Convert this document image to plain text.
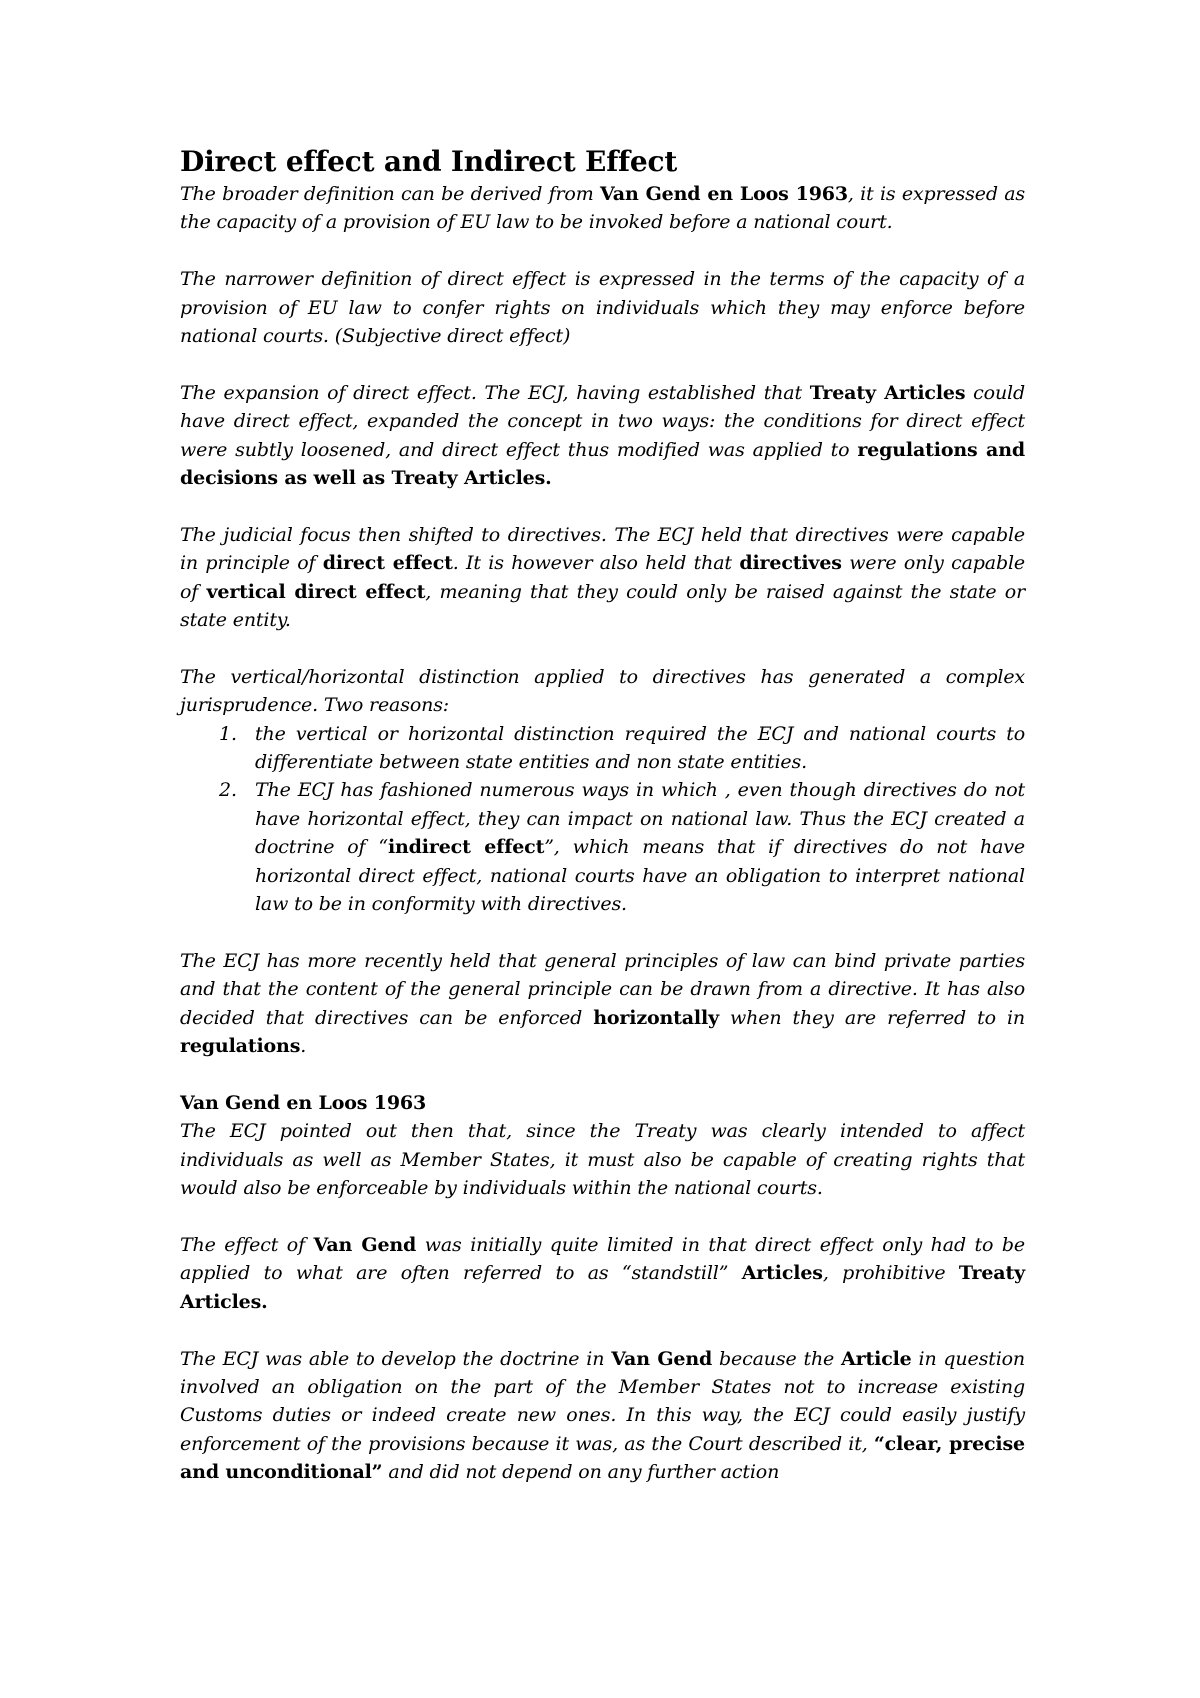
Direct effect and Indirect Effect

The broader definition can be derived from Van Gend en Loos 1963, it is expressed as the capacity of a provision of EU law to be invoked before a national court.

The narrower definition of direct effect is expressed in the terms of the capacity of a provision of EU law to confer rights on individuals which they may enforce before national courts. (Subjective direct effect)

The expansion of direct effect. The ECJ, having established that Treaty Articles could have direct effect, expanded the concept in two ways: the conditions for direct effect were subtly loosened, and direct effect thus modified was applied to regulations and decisions as well as Treaty Articles.

The judicial focus then shifted to directives. The ECJ held that directives were capable in principle of direct effect. It is however also held that directives were only capable of vertical direct effect, meaning that they could only be raised against the state or state entity.

The vertical/horizontal distinction applied to directives has generated a complex jurisprudence. Two reasons:

1. the vertical or horizontal distinction required the ECJ and national courts to differentiate between state entities and non state entities.
2. The ECJ has fashioned numerous ways in which , even though directives do not have horizontal effect, they can impact on national law. Thus the ECJ created a doctrine of “indirect effect”, which means that if directives do not have horizontal direct effect, national courts have an obligation to interpret national law to be in conformity with directives.

The ECJ has more recently held that general principles of law can bind private parties and that the content of the general principle can be drawn from a directive. It has also decided that directives can be enforced horizontally when they are referred to in regulations.

Van Gend en Loos 1963

The ECJ pointed out then that, since the Treaty was clearly intended to affect individuals as well as Member States, it must also be capable of creating rights that would also be enforceable by individuals within the national courts.

The effect of Van Gend was initially quite limited in that direct effect only had to be applied to what are often referred to as “standstill” Articles, prohibitive Treaty Articles.

The ECJ was able to develop the doctrine in Van Gend because the Article in question involved an obligation on the part of the Member States not to increase existing Customs duties or indeed create new ones. In this way, the ECJ could easily justify enforcement of the provisions because it was, as the Court described it, “clear, precise and unconditional” and did not depend on any further action
